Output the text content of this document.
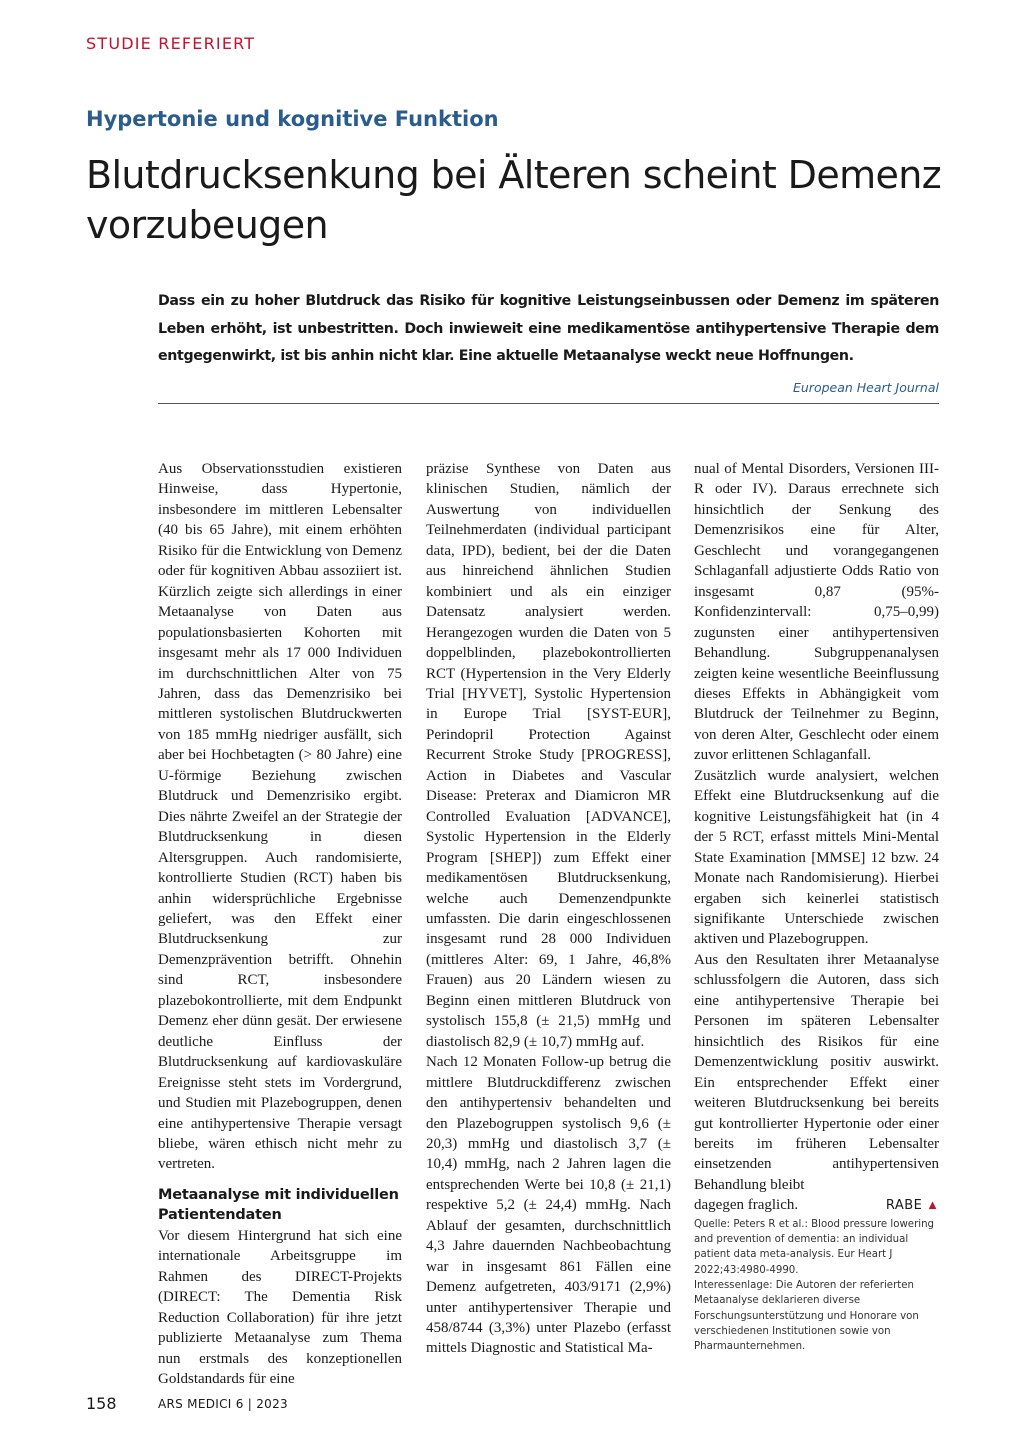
STUDIE REFERIERT
Hypertonie und kognitive Funktion
Blutdrucksenkung bei Älteren scheint Demenz vorzubeugen

Dass ein zu hoher Blutdruck das Risiko für kognitive Leistungseinbussen oder Demenz im späteren Leben erhöht, ist unbestritten. Doch inwieweit eine medikamentöse antihypertensive Therapie dem entgegenwirkt, ist bis anhin nicht klar. Eine aktuelle Metaanalyse weckt neue Hoffnungen.

European Heart Journal

Aus Observationsstudien existieren Hinweise, dass Hypertonie, insbesondere im mittleren Lebensalter (40 bis 65 Jahre), mit einem erhöhten Risiko für die Entwicklung von Demenz oder für kognitiven Abbau assoziiert ist. Kürzlich zeigte sich allerdings in einer Metaanalyse von Daten aus populationsbasierten Kohorten mit insgesamt mehr als 17 000 Individuen im durchschnittlichen Alter von 75 Jahren, dass das Demenzrisiko bei mittleren systolischen Blutdruckwerten von 185 mmHg niedriger ausfällt, sich aber bei Hochbetagten (> 80 Jahre) eine U-förmige Beziehung zwischen Blutdruck und Demenzrisiko ergibt. Dies nährte Zweifel an der Strategie der Blutdrucksenkung in diesen Altersgruppen. Auch randomisierte, kontrollierte Studien (RCT) haben bis anhin widersprüchliche Ergebnisse geliefert, was den Effekt einer Blutdrucksenkung zur Demenzprävention betrifft. Ohnehin sind RCT, insbesondere plazebokontrollierte, mit dem Endpunkt Demenz eher dünn gesät. Der erwiesene deutliche Einfluss der Blutdrucksenkung auf kardiovaskuläre Ereignisse steht stets im Vordergrund, und Studien mit Plazebogruppen, denen eine antihypertensive Therapie versagt bliebe, wären ethisch nicht mehr zu vertreten.

Metaanalyse mit individuellen Patientendaten

Vor diesem Hintergrund hat sich eine internationale Arbeitsgruppe im Rahmen des DIRECT-Projekts (DIRECT: The Dementia Risk Reduction Collaboration) für ihre jetzt publizierte Metaanalyse zum Thema nun erstmals des konzeptionellen Goldstandards für eine

präzise Synthese von Daten aus klinischen Studien, nämlich der Auswertung von individuellen Teilnehmerdaten (individual participant data, IPD), bedient, bei der die Daten aus hinreichend ähnlichen Studien kombiniert und als ein einziger Datensatz analysiert werden. Herangezogen wurden die Daten von 5 doppelblinden, plazebokontrollierten RCT (Hypertension in the Very Elderly Trial [HYVET], Systolic Hypertension in Europe Trial [SYST-EUR], Perindopril Protection Against Recurrent Stroke Study [PROGRESS], Action in Diabetes and Vascular Disease: Preterax and Diamicron MR Controlled Evaluation [ADVANCE], Systolic Hypertension in the Elderly Program [SHEP]) zum Effekt einer medikamentösen Blutdrucksenkung, welche auch Demenzendpunkte umfassten. Die darin eingeschlossenen insgesamt rund 28 000 Individuen (mittleres Alter: 69, 1 Jahre, 46,8% Frauen) aus 20 Ländern wiesen zu Beginn einen mittleren Blutdruck von systolisch 155,8 (± 21,5) mmHg und diastolisch 82,9 (± 10,7) mmHg auf.

Nach 12 Monaten Follow-up betrug die mittlere Blutdruckdifferenz zwischen den antihypertensiv behandelten und den Plazebogruppen systolisch 9,6 (± 20,3) mmHg und diastolisch 3,7 (± 10,4) mmHg, nach 2 Jahren lagen die entsprechenden Werte bei 10,8 (± 21,1) respektive 5,2 (± 24,4) mmHg. Nach Ablauf der gesamten, durchschnittlich 4,3 Jahre dauernden Nachbeobachtung war in insgesamt 861 Fällen eine Demenz aufgetreten, 403/9171 (2,9%) unter antihypertensiver Therapie und 458/8744 (3,3%) unter Plazebo (erfasst mittels Diagnostic and Statistical Ma-

nual of Mental Disorders, Versionen III-R oder IV). Daraus errechnete sich hinsichtlich der Senkung des Demenzrisikos eine für Alter, Geschlecht und vorangegangenen Schlaganfall adjustierte Odds Ratio von insgesamt 0,87 (95%-Konfidenzintervall: 0,75–0,99) zugunsten einer antihypertensiven Behandlung. Subgruppenanalysen zeigten keine wesentliche Beeinflussung dieses Effekts in Abhängigkeit vom Blutdruck der Teilnehmer zu Beginn, von deren Alter, Geschlecht oder einem zuvor erlittenen Schlaganfall.

Zusätzlich wurde analysiert, welchen Effekt eine Blutdrucksenkung auf die kognitive Leistungsfähigkeit hat (in 4 der 5 RCT, erfasst mittels Mini-Mental State Examination [MMSE] 12 bzw. 24 Monate nach Randomisierung). Hierbei ergaben sich keinerlei statistisch signifikante Unterschiede zwischen aktiven und Plazebogruppen.

Aus den Resultaten ihrer Metaanalyse schlussfolgern die Autoren, dass sich eine antihypertensive Therapie bei Personen im späteren Lebensalter hinsichtlich des Risikos für eine Demenzentwicklung positiv auswirkt. Ein entsprechender Effekt einer weiteren Blutdrucksenkung bei bereits gut kontrollierter Hypertonie oder einer bereits im früheren Lebensalter einsetzenden antihypertensiven Behandlung bleibt

dagegen fraglich.	RABE ▲

Quelle: Peters R et al.: Blood pressure lowering and prevention of dementia: an individual patient data meta-analysis. Eur Heart J 2022;43:4980-4990.

Interessenlage: Die Autoren der referierten Metaanalyse deklarieren diverse Forschungsunterstützung und Honorare von verschiedenen Institutionen sowie von Pharmaunternehmen.

158	ARS MEDICI 6 | 2023
